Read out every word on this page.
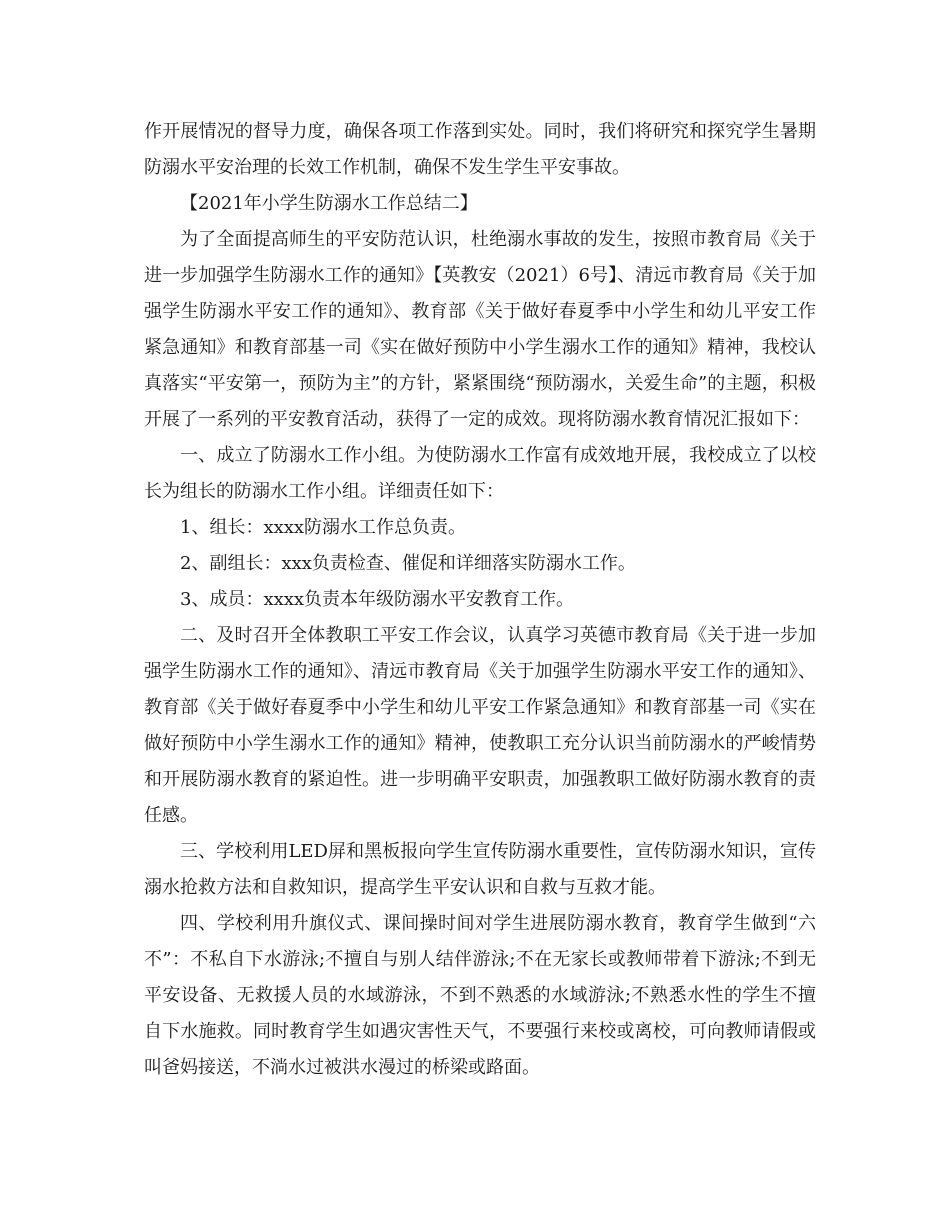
作开展情况的督导力度，确保各项工作落到实处。同时，我们将研究和探究学生暑期防溺水平安治理的长效工作机制，确保不发生学生平安事故。

【2021年小学生防溺水工作总结二】

为了全面提高师生的平安防范认识，杜绝溺水事故的发生，按照市教育局《关于进一步加强学生防溺水工作的通知》【英教安（2021）6号】、清远市教育局《关于加强学生防溺水平安工作的通知》、教育部《关于做好春夏季中小学生和幼儿平安工作紧急通知》和教育部基一司《实在做好预防中小学生溺水工作的通知》精神，我校认真落实“平安第一，预防为主”的方针，紧紧围绕“预防溺水，关爱生命”的主题，积极开展了一系列的平安教育活动，获得了一定的成效。现将防溺水教育情况汇报如下：

一、成立了防溺水工作小组。为使防溺水工作富有成效地开展，我校成立了以校长为组长的防溺水工作小组。详细责任如下：

1、组长：xxxx防溺水工作总负责。

2、副组长：xxx负责检查、催促和详细落实防溺水工作。

3、成员：xxxx负责本年级防溺水平安教育工作。

二、及时召开全体教职工平安工作会议，认真学习英德市教育局《关于进一步加强学生防溺水工作的通知》、清远市教育局《关于加强学生防溺水平安工作的通知》、教育部《关于做好春夏季中小学生和幼儿平安工作紧急通知》和教育部基一司《实在做好预防中小学生溺水工作的通知》精神，使教职工充分认识当前防溺水的严峻情势和开展防溺水教育的紧迫性。进一步明确平安职责，加强教职工做好防溺水教育的责任感。

三、学校利用LED屏和黑板报向学生宣传防溺水重要性，宣传防溺水知识，宣传溺水抢救方法和自救知识，提高学生平安认识和自救与互救才能。

四、学校利用升旗仪式、课间操时间对学生进展防溺水教育，教育学生做到“六不”：不私自下水游泳;不擅自与别人结伴游泳;不在无家长或教师带着下游泳;不到无平安设备、无救援人员的水域游泳，不到不熟悉的水域游泳;不熟悉水性的学生不擅自下水施救。同时教育学生如遇灾害性天气，不要强行来校或离校，可向教师请假或叫爸妈接送，不淌水过被洪水漫过的桥梁或路面。
